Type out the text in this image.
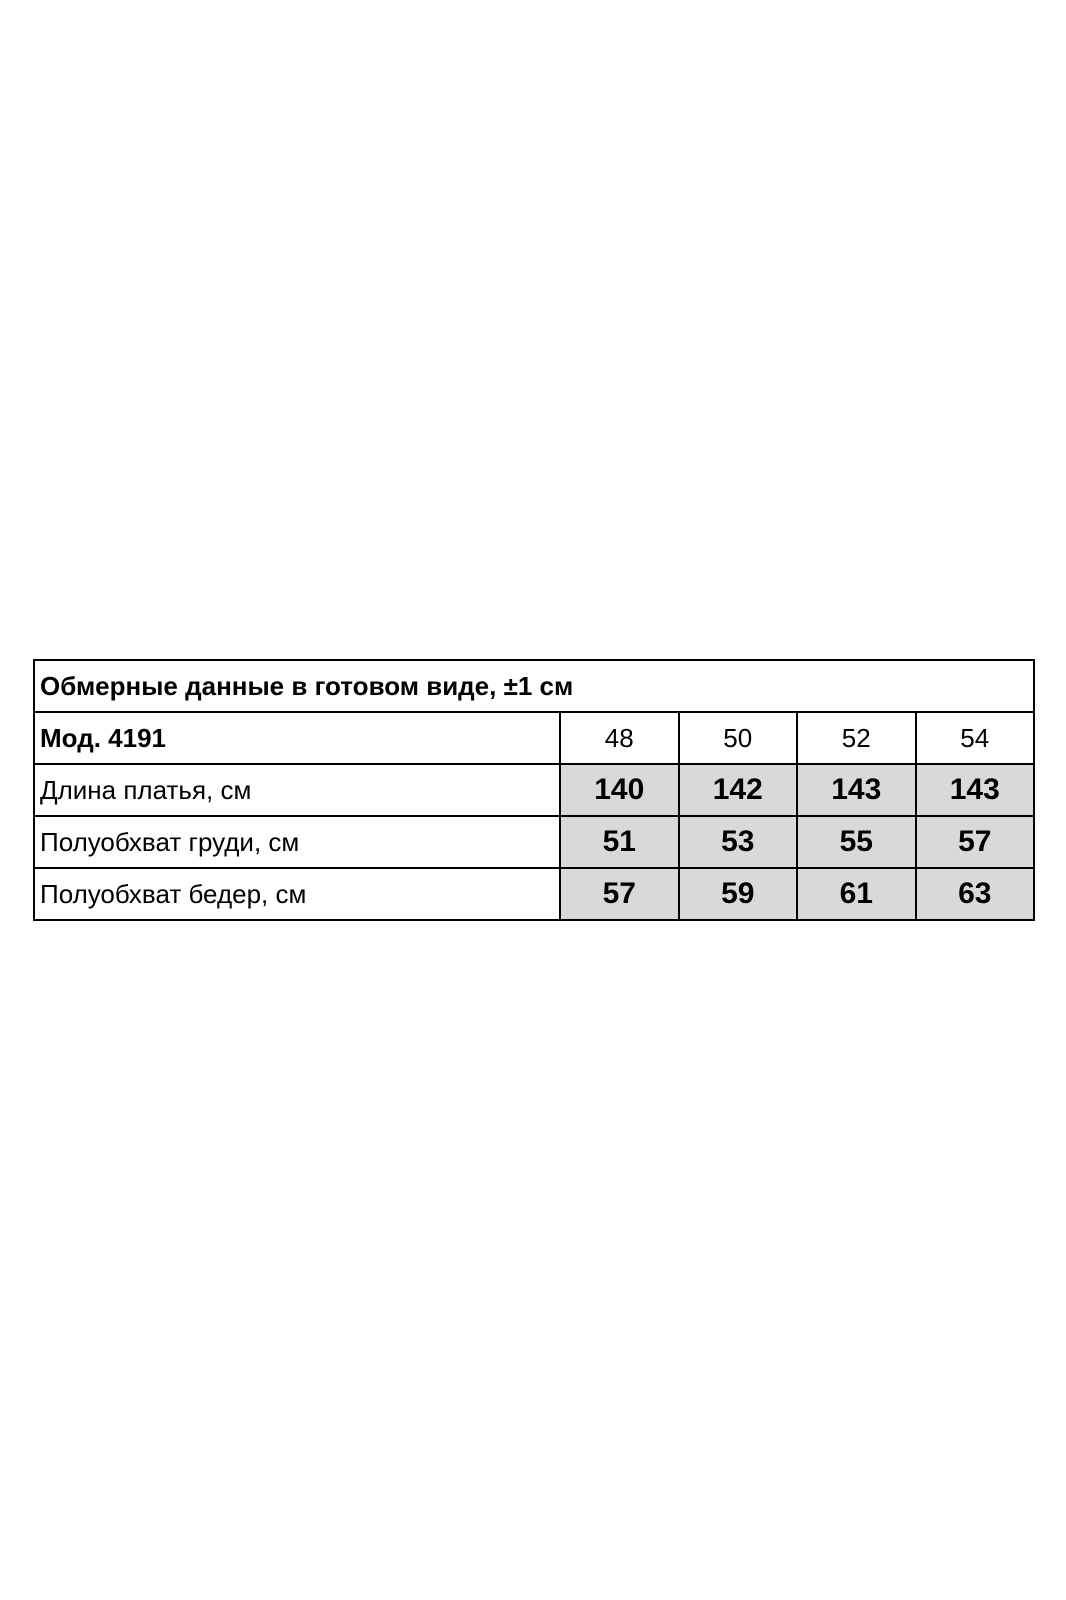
Обмерные данные в готовом виде, ±1 см				
Мод. 4191	48	50	52	54
Длина платья, см	140	142	143	143
Полуобхват груди, см	51	53	55	57
Полуобхват бедер, см	57	59	61	63
